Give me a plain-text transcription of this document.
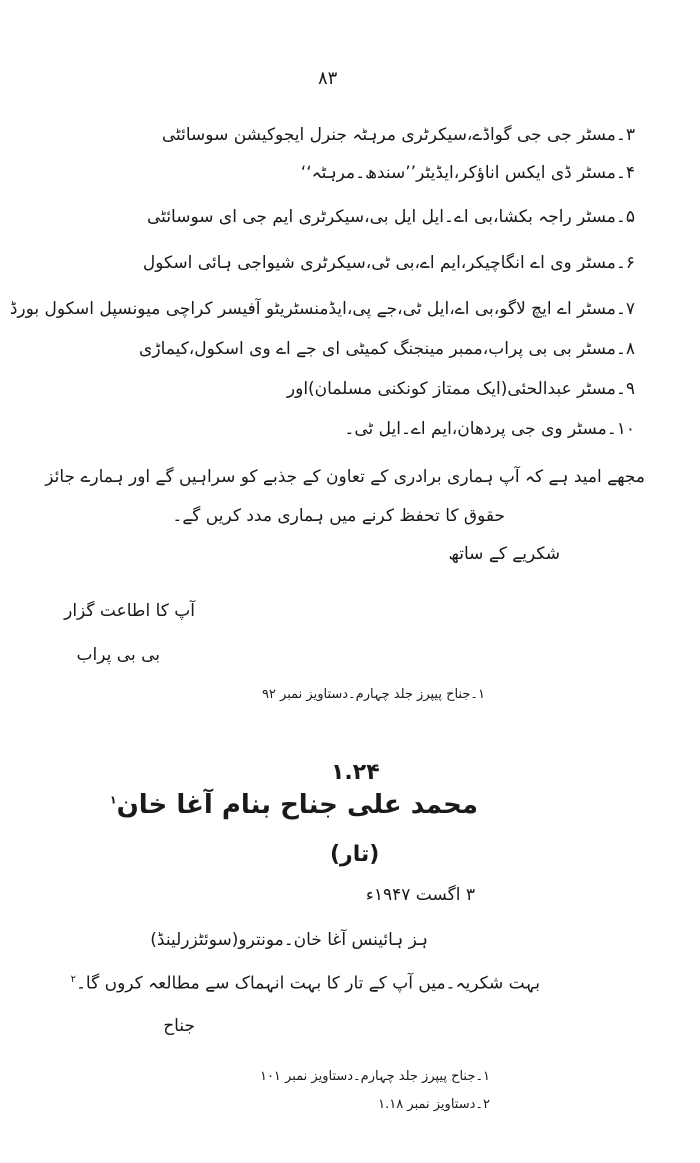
۸۳
۳۔مسٹر جی جی گواڈے،سیکرٹری مرہٹہ جنرل ایجوکیشن سوسائٹی
۴۔مسٹر ڈی ایکس اناؤکر،ایڈیٹر’’سندھ۔مرہٹہ‘‘
۵۔مسٹر راجہ بکشا،بی اے۔ایل ایل بی،سیکرٹری ایم جی ای سوسائٹی
۶۔مسٹر وی اے انگاچیکر،ایم اے،بی ٹی،سیکرٹری شیواجی ہائی اسکول
۷۔مسٹر اے ایچ لاگو،بی اے،ایل ٹی،جے پی،ایڈمنسٹریٹو آفیسر کراچی میونسپل اسکول بورڈ
۸۔مسٹر بی بی پراب،ممبر مینجنگ کمیٹی ای جے اے وی اسکول،کیماڑی
۹۔مسٹر عبدالحئی(ایک ممتاز کونکنی مسلمان)اور
۱۰۔مسٹر وی جی پردھان،ایم اے۔ایل ٹی۔
مجھے امید ہے کہ آپ ہماری برادری کے تعاون کے جذبے کو سراہیں گے اور ہمارے جائز
حقوق کا تحفظ کرنے میں ہماری مدد کریں گے۔
شکریے کے ساتھ
آپ کا اطاعت گزار
بی بی پراب
۱۔جناح پیپرز جلد چہارم۔دستاویز نمبر ۹۲
۱.۲۴
محمد علی جناح بنام آغا خان$^۱$
(تار)
۳ اگست ۱۹۴۷ء
ہز ہائینس آغا خان۔مونترو(سوئٹزرلینڈ)
بہت شکریہ۔میں آپ کے تار کا بہت انہماک سے مطالعہ کروں گا۔$^۲$
جناح
۱۔جناح پیپرز جلد چہارم۔دستاویز نمبر ۱۰۱
۲۔دستاویز نمبر ۱.۱۸
